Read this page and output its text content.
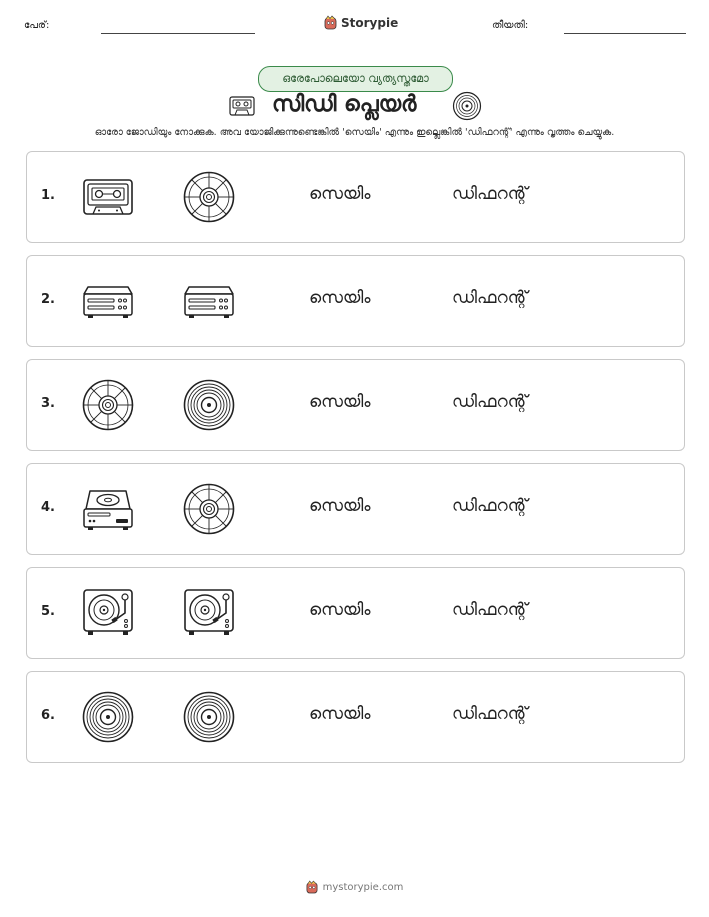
പേര്:	Storypie	തീയതി:
ഒരേപോലെയോ വ്യത്യസ്തമോ
സിഡി പ്ലെയർ
ഓരോ ജോഡിയും നോക്കുക. അവ യോജിക്കുന്നുണ്ടെങ്കിൽ 'സെയിം' എന്നും ഇല്ലെങ്കിൽ 'ഡിഫറന്റ്' എന്നും വൃത്തം ചെയ്യുക.
1.	സെയിം	ഡിഫറന്റ്
2.	സെയിം	ഡിഫറന്റ്
3.	സെയിം	ഡിഫറന്റ്
4.	സെയിം	ഡിഫറന്റ്
5.	സെയിം	ഡിഫറന്റ്
6.	സെയിം	ഡിഫറന്റ്
mystorypie.com
